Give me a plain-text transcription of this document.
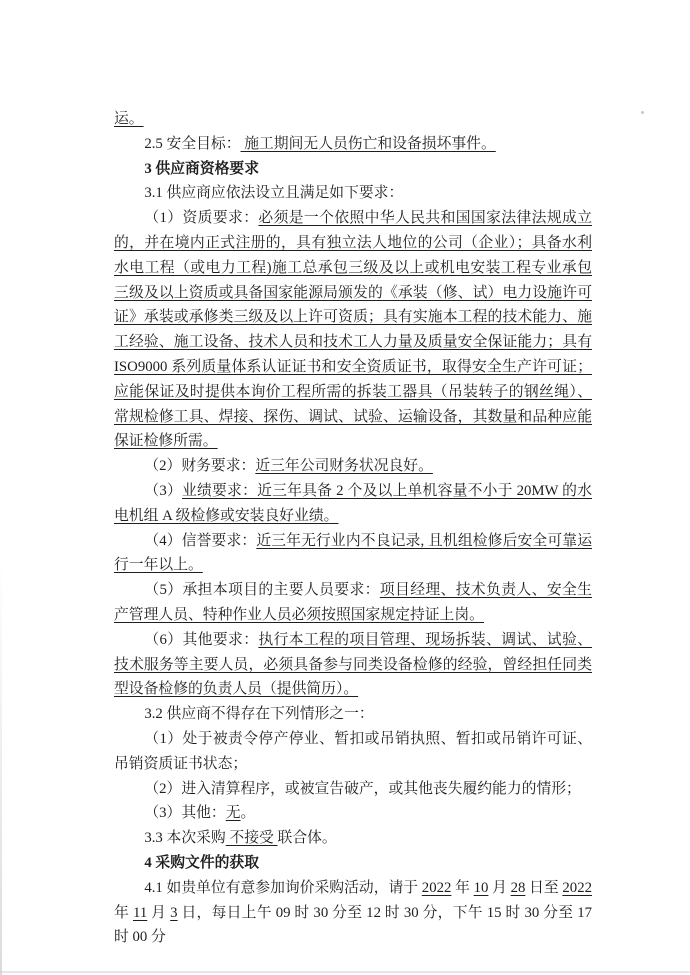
运。

2.5 安全目标： 施工期间无人员伤亡和设备损坏事件。

3 供应商资格要求

3.1 供应商应依法设立且满足如下要求：

（1）资质要求：必须是一个依照中华人民共和国国家法律法规成立的，并在境内正式注册的，具有独立法人地位的公司（企业）；具备水利水电工程（或电力工程)施工总承包三级及以上或机电安装工程专业承包三级及以上资质或具备国家能源局颁发的《承装（修、试）电力设施许可证》承装或承修类三级及以上许可资质；具有实施本工程的技术能力、施工经验、施工设备、技术人员和技术工人力量及质量安全保证能力；具有 ISO9000 系列质量体系认证证书和安全资质证书，取得安全生产许可证；应能保证及时提供本询价工程所需的拆装工器具（吊装转子的钢丝绳）、常规检修工具、焊接、探伤、调试、试验、运输设备，其数量和品种应能保证检修所需。

（2）财务要求：近三年公司财务状况良好。

（3）业绩要求：近三年具备 2 个及以上单机容量不小于 20MW 的水电机组 A 级检修或安装良好业绩。

（4）信誉要求：近三年无行业内不良记录, 且机组检修后安全可靠运行一年以上。

（5）承担本项目的主要人员要求：项目经理、技术负责人、安全生产管理人员、特种作业人员必须按照国家规定持证上岗。

（6）其他要求：执行本工程的项目管理、现场拆装、调试、试验、技术服务等主要人员，必须具备参与同类设备检修的经验，曾经担任同类型设备检修的负责人员（提供简历）。

3.2 供应商不得存在下列情形之一：

（1）处于被责令停产停业、暂扣或吊销执照、暂扣或吊销许可证、吊销资质证书状态；

（2）进入清算程序，或被宣告破产，或其他丧失履约能力的情形；

（3）其他：无。

3.3 本次采购 不接受 联合体。

4 采购文件的获取

4.1 如贵单位有意参加询价采购活动，请于 2022 年 10 月 28 日至 2022 年 11 月 3 日，每日上午 09 时 30 分至 12 时 30 分，下午 15 时 30 分至 17 时 00 分
